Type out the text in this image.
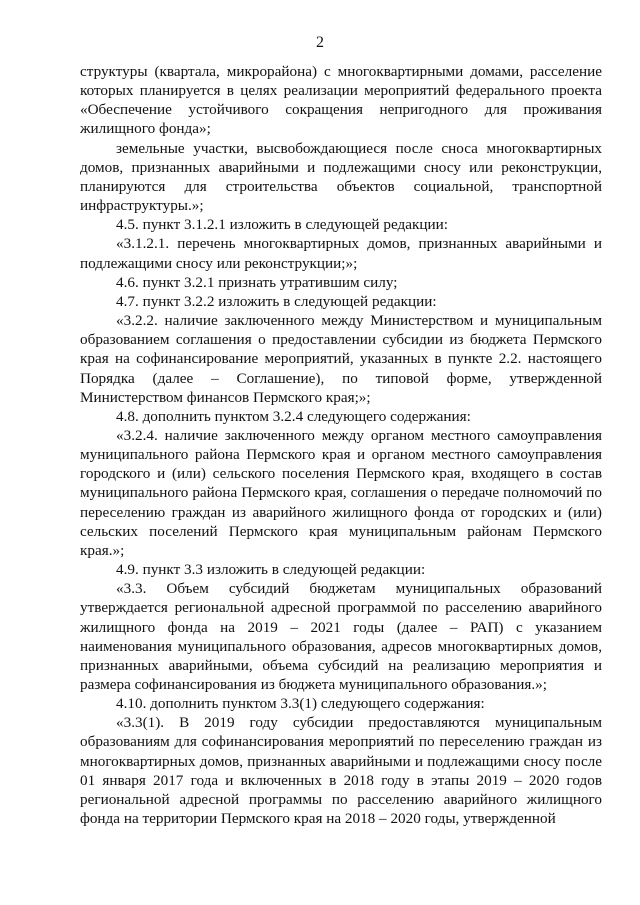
2

структуры (квартала, микрорайона) с многоквартирными домами, расселение которых планируется в целях реализации мероприятий федерального проекта «Обеспечение устойчивого сокращения непригодного для проживания жилищного фонда»;

земельные участки, высвобождающиеся после сноса многоквартирных домов, признанных аварийными и подлежащими сносу или реконструкции, планируются для строительства объектов социальной, транспортной инфраструктуры.»;

4.5. пункт 3.1.2.1 изложить в следующей редакции:

«3.1.2.1. перечень многоквартирных домов, признанных аварийными и подлежащими сносу или реконструкции;»;

4.6. пункт 3.2.1 признать утратившим силу;

4.7. пункт 3.2.2 изложить в следующей редакции:

«3.2.2. наличие заключенного между Министерством и муниципальным образованием соглашения о предоставлении субсидии из бюджета Пермского края на софинансирование мероприятий, указанных в пункте 2.2. настоящего Порядка (далее – Соглашение), по типовой форме, утвержденной Министерством финансов Пермского края;»;

4.8. дополнить пунктом 3.2.4 следующего содержания:

«3.2.4. наличие заключенного между органом местного самоуправления муниципального района Пермского края и органом местного самоуправления городского и (или) сельского поселения Пермского края, входящего в состав муниципального района Пермского края, соглашения о передаче полномочий по переселению граждан из аварийного жилищного фонда от городских и (или) сельских поселений Пермского края муниципальным районам Пермского края.»;

4.9. пункт 3.3 изложить в следующей редакции:

«3.3. Объем субсидий бюджетам муниципальных образований утверждается региональной адресной программой по расселению аварийного жилищного фонда на 2019 – 2021 годы (далее – РАП) с указанием наименования муниципального образования, адресов многоквартирных домов, признанных аварийными, объема субсидий на реализацию мероприятия и размера софинансирования из бюджета муниципального образования.»;

4.10. дополнить пунктом 3.3(1) следующего содержания:

«3.3(1). В 2019 году субсидии предоставляются муниципальным образованиям для софинансирования мероприятий по переселению граждан из многоквартирных домов, признанных аварийными и подлежащими сносу после 01 января 2017 года и включенных в 2018 году в этапы 2019 – 2020 годов региональной адресной программы по расселению аварийного жилищного фонда на территории Пермского края на 2018 – 2020 годы, утвержденной
